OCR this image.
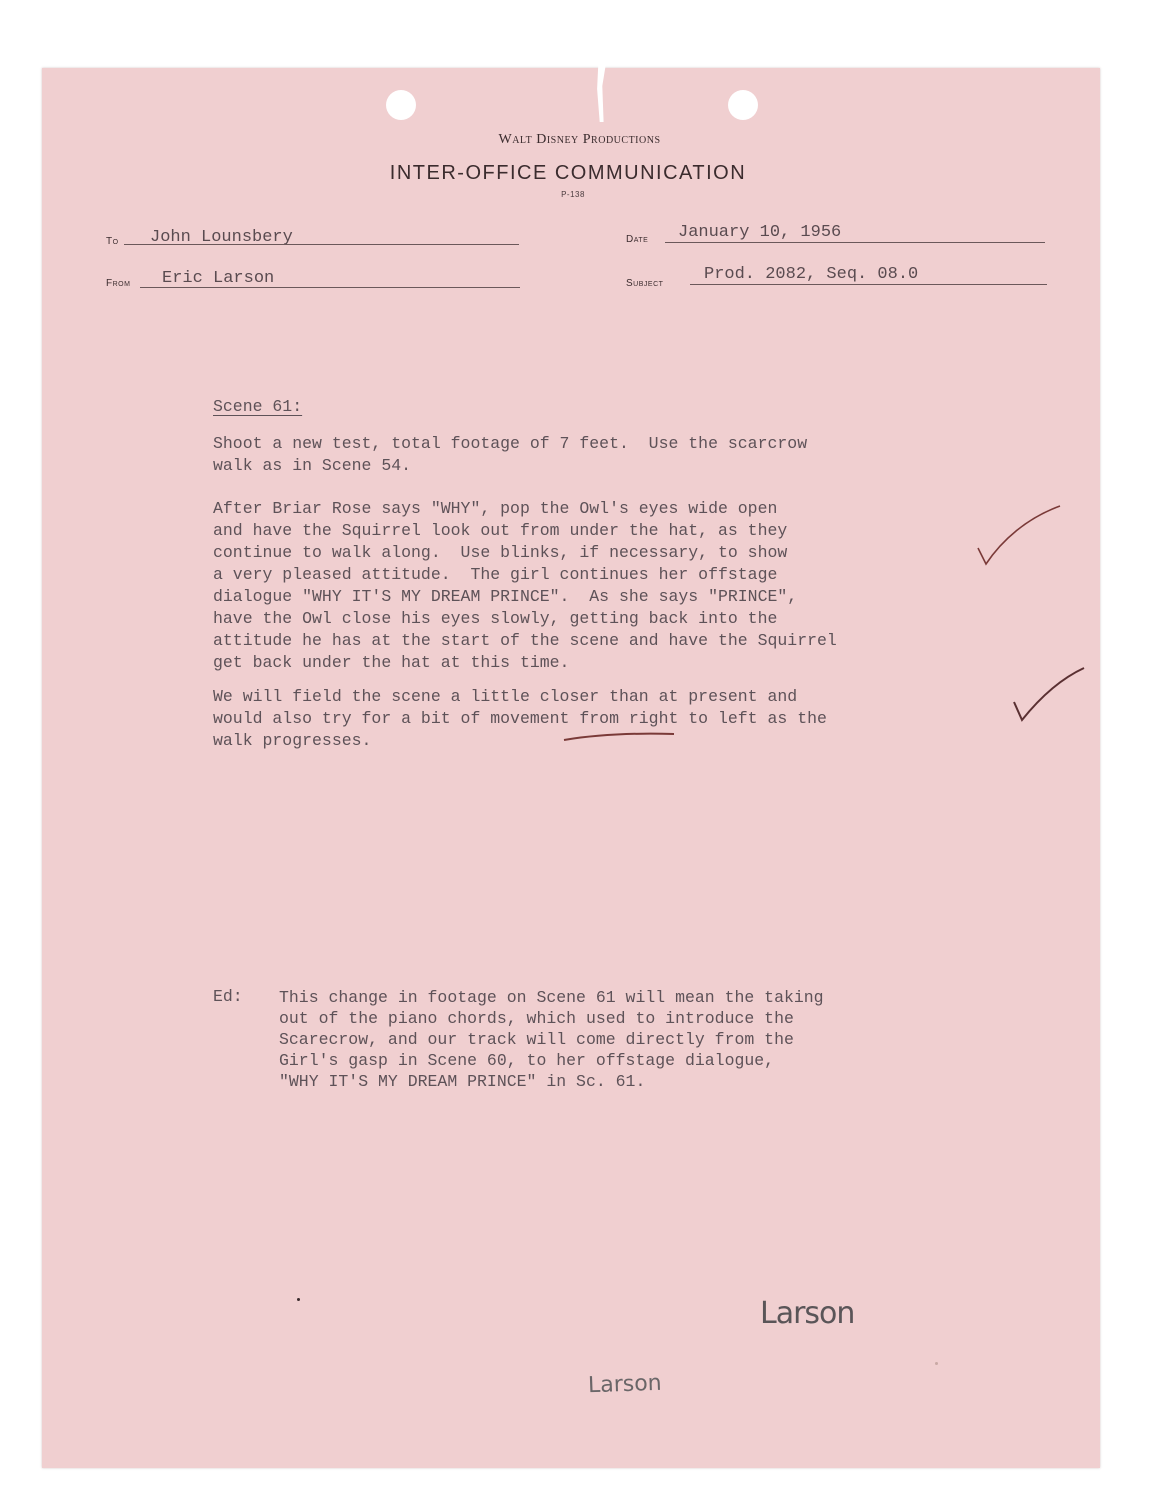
Walt Disney Productions
INTER-OFFICE COMMUNICATION
P-138
To John Lounsbery
From Eric Larson
Date January 10, 1956
Subject Prod. 2082, Seq. 08.0
Scene 61:
Shoot a new test, total footage of 7 feet.  Use the scarcrow
walk as in Scene 54.
After Briar Rose says "WHY", pop the Owl's eyes wide open
and have the Squirrel look out from under the hat, as they
continue to walk along.  Use blinks, if necessary, to show
a very pleased attitude.  The girl continues her offstage
dialogue "WHY IT'S MY DREAM PRINCE".  As she says "PRINCE",
have the Owl close his eyes slowly, getting back into the
attitude he has at the start of the scene and have the Squirrel
get back under the hat at this time.
We will field the scene a little closer than at present and
would also try for a bit of movement from right to left as the
walk progresses.
Ed: This change in footage on Scene 61 will mean the taking
out of the piano chords, which used to introduce the
Scarecrow, and our track will come directly from the
Girl's gasp in Scene 60, to her offstage dialogue,
"WHY IT'S MY DREAM PRINCE" in Sc. 61.
Larson
Larson
